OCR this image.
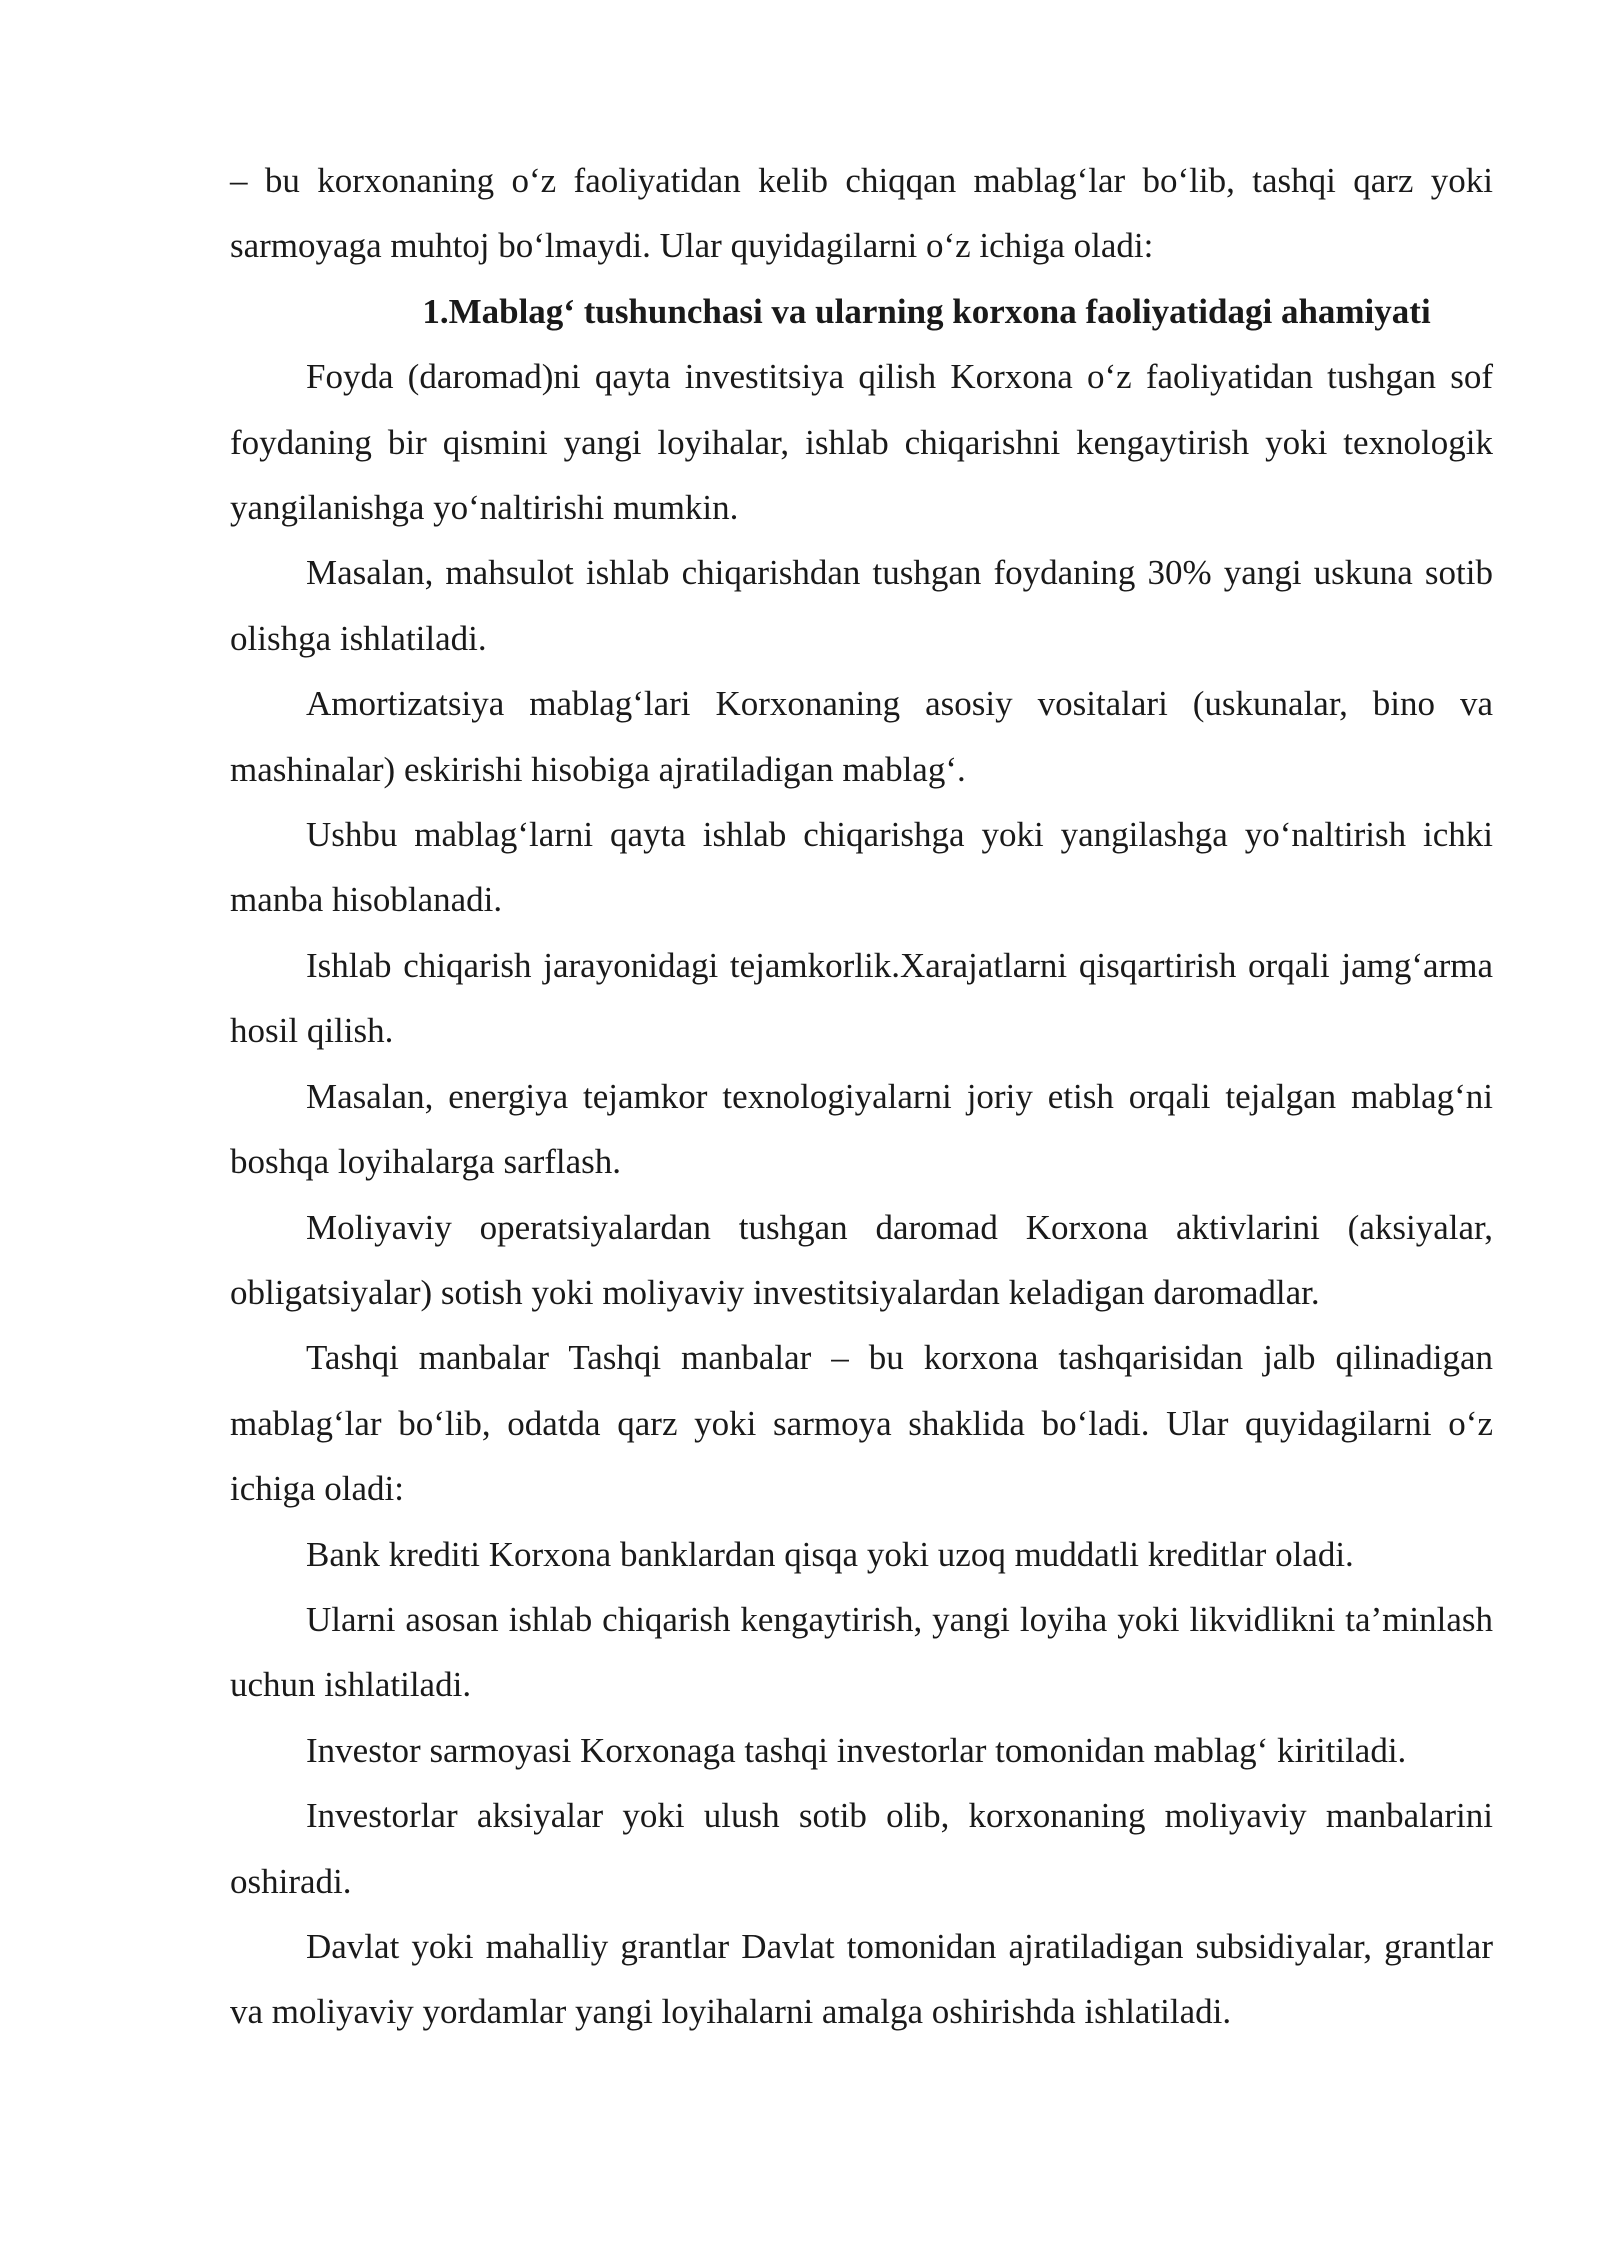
– bu korxonaning o‘z faoliyatidan kelib chiqqan mablag‘lar bo‘lib, tashqi qarz yoki sarmoyaga muhtoj bo‘lmaydi. Ular quyidagilarni o‘z ichiga oladi:

1.Mablag‘ tushunchasi va ularning korxona faoliyatidagi ahamiyati

Foyda (daromad)ni qayta investitsiya qilish Korxona o‘z faoliyatidan tushgan sof foydaning bir qismini yangi loyihalar, ishlab chiqarishni kengaytirish yoki texnologik yangilanishga yo‘naltirishi mumkin.

Masalan, mahsulot ishlab chiqarishdan tushgan foydaning 30% yangi uskuna sotib olishga ishlatiladi.

Amortizatsiya mablag‘lari Korxonaning asosiy vositalari (uskunalar, bino va mashinalar) eskirishi hisobiga ajratiladigan mablag‘.

Ushbu mablag‘larni qayta ishlab chiqarishga yoki yangilashga yo‘naltirish ichki manba hisoblanadi.

Ishlab chiqarish jarayonidagi tejamkorlik.Xarajatlarni qisqartirish orqali jamg‘arma hosil qilish.

Masalan, energiya tejamkor texnologiyalarni joriy etish orqali tejalgan mablag‘ni boshqa loyihalarga sarflash.

Moliyaviy operatsiyalardan tushgan daromad Korxona aktivlarini (aksiyalar, obligatsiyalar) sotish yoki moliyaviy investitsiyalardan keladigan daromadlar.

Tashqi manbalar Tashqi manbalar – bu korxona tashqarisidan jalb qilinadigan mablag‘lar bo‘lib, odatda qarz yoki sarmoya shaklida bo‘ladi. Ular quyidagilarni o‘z ichiga oladi:

Bank krediti Korxona banklardan qisqa yoki uzoq muddatli kreditlar oladi.

Ularni asosan ishlab chiqarish kengaytirish, yangi loyiha yoki likvidlikni ta’minlash uchun ishlatiladi.

Investor sarmoyasi Korxonaga tashqi investorlar tomonidan mablag‘ kiritiladi.

Investorlar aksiyalar yoki ulush sotib olib, korxonaning moliyaviy manbalarini oshiradi.

Davlat yoki mahalliy grantlar Davlat tomonidan ajratiladigan subsidiyalar, grantlar va moliyaviy yordamlar yangi loyihalarni amalga oshirishda ishlatiladi.
